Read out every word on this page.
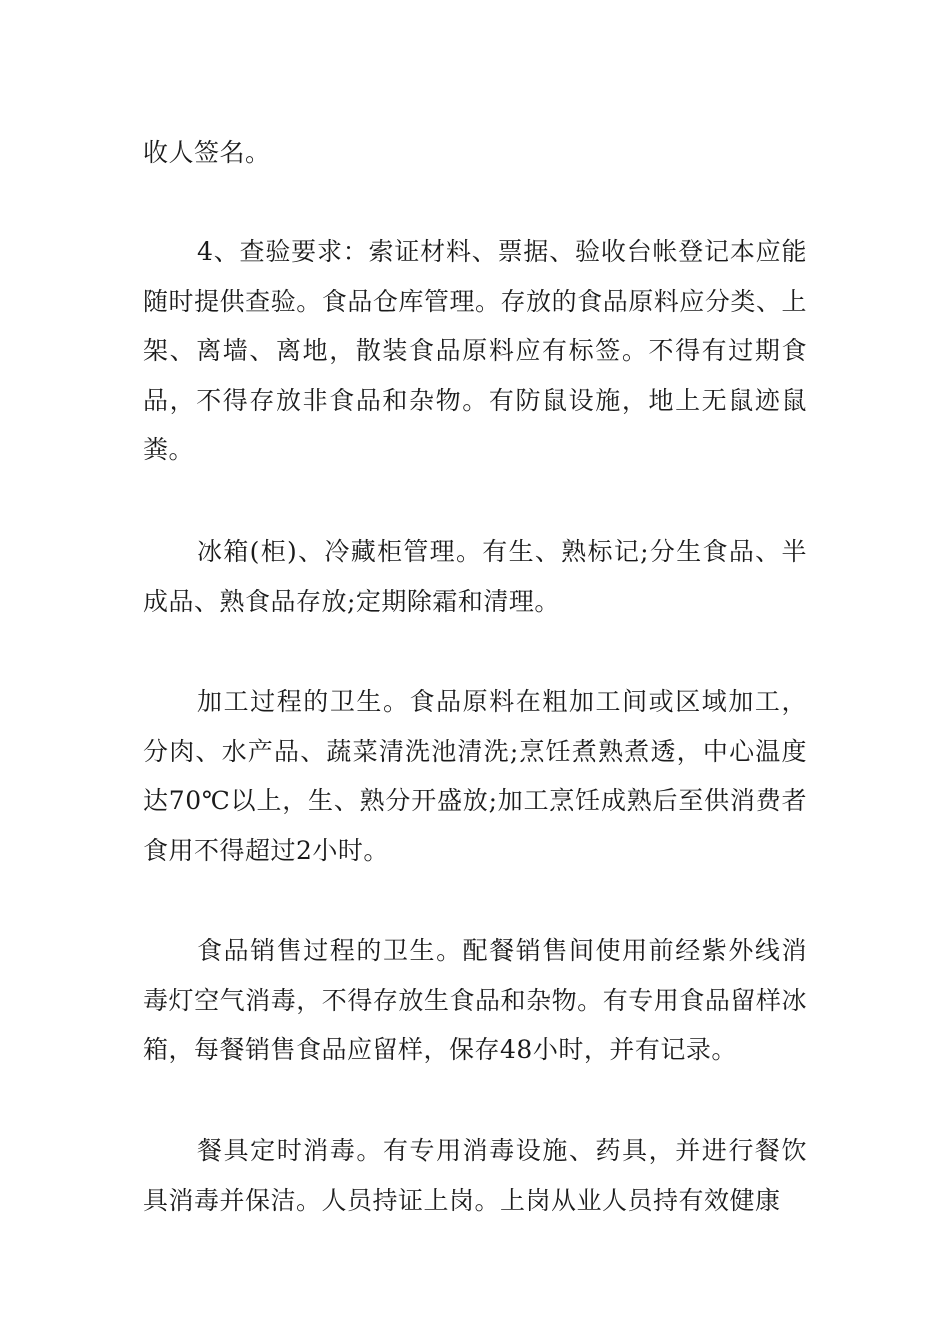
收人签名。

4、查验要求：索证材料、票据、验收台帐登记本应能随时提供查验。食品仓库管理。存放的食品原料应分类、上架、离墙、离地，散装食品原料应有标签。不得有过期食品，不得存放非食品和杂物。有防鼠设施，地上无鼠迹鼠粪。

冰箱(柜)、冷藏柜管理。有生、熟标记;分生食品、半成品、熟食品存放;定期除霜和清理。

加工过程的卫生。食品原料在粗加工间或区域加工，分肉、水产品、蔬菜清洗池清洗;烹饪煮熟煮透，中心温度达70℃以上，生、熟分开盛放;加工烹饪成熟后至供消费者食用不得超过2小时。

食品销售过程的卫生。配餐销售间使用前经紫外线消毒灯空气消毒，不得存放生食品和杂物。有专用食品留样冰箱，每餐销售食品应留样，保存48小时，并有记录。

餐具定时消毒。有专用消毒设施、药具，并进行餐饮具消毒并保洁。人员持证上岗。上岗从业人员持有效健康
